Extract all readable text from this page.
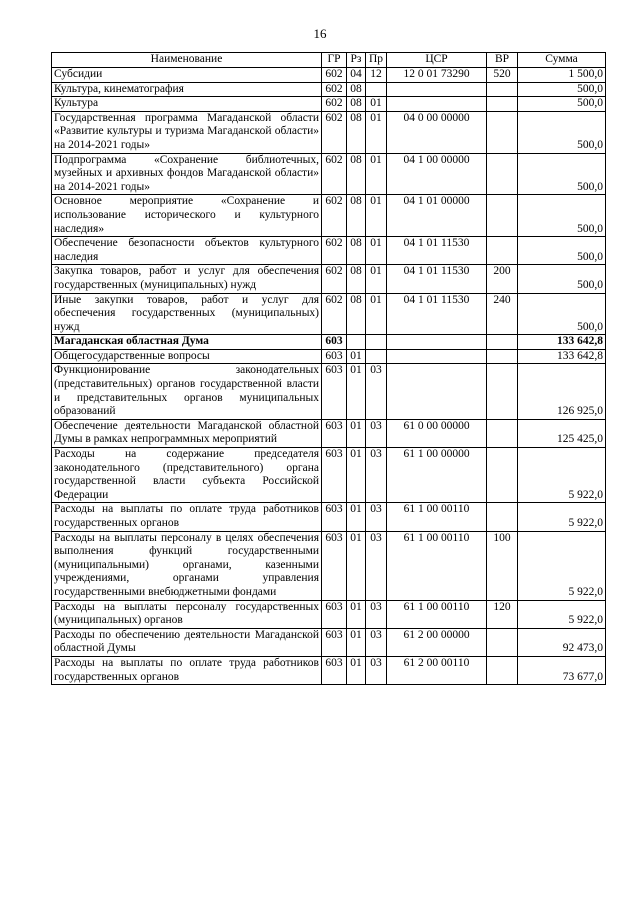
16
Наименование	ГР	Рз	Пр	ЦСР	ВР	Сумма
Субсидии	602	04	12	12 0 01 73290	520	1 500,0
Культура, кинематография	602	08				500,0
Культура	602	08	01			500,0
Государственная программа Магаданской области «Развитие культуры и туризма Магаданской области» на 2014-2021 годы»	602	08	01	04 0 00 00000		500,0
Подпрограмма «Сохранение библиотечных, музейных и архивных фондов Магаданской области» на 2014-2021 годы»	602	08	01	04 1 00 00000		500,0
Основное мероприятие «Сохранение и использование исторического и культурного наследия»	602	08	01	04 1 01 00000		500,0
Обеспечение безопасности объектов культурного наследия	602	08	01	04 1 01 11530		500,0
Закупка товаров, работ и услуг для обеспечения государственных (муниципальных) нужд	602	08	01	04 1 01 11530	200	500,0
Иные закупки товаров, работ и услуг для обеспечения государственных (муниципальных) нужд	602	08	01	04 1 01 11530	240	500,0
Магаданская областная Дума	603					133 642,8
Общегосударственные вопросы	603	01				133 642,8
Функционирование законодательных (представительных) органов государственной власти и представительных органов муниципальных образований	603	01	03			126 925,0
Обеспечение деятельности Магаданской областной Думы в рамках непрограммных мероприятий	603	01	03	61 0 00 00000		125 425,0
Расходы на содержание председателя законодательного (представительного) органа государственной власти субъекта Российской Федерации	603	01	03	61 1 00 00000		5 922,0
Расходы на выплаты по оплате труда работников государственных органов	603	01	03	61 1 00 00110		5 922,0
Расходы на выплаты персоналу в целях обеспечения выполнения функций государственными (муниципальными) органами, казенными учреждениями, органами управления государственными внебюджетными фондами	603	01	03	61 1 00 00110	100	5 922,0
Расходы на выплаты персоналу государственных (муниципальных) органов	603	01	03	61 1 00 00110	120	5 922,0
Расходы по обеспечению деятельности Магаданской областной Думы	603	01	03	61 2 00 00000		92 473,0
Расходы на выплаты по оплате труда работников государственных органов	603	01	03	61 2 00 00110		73 677,0
